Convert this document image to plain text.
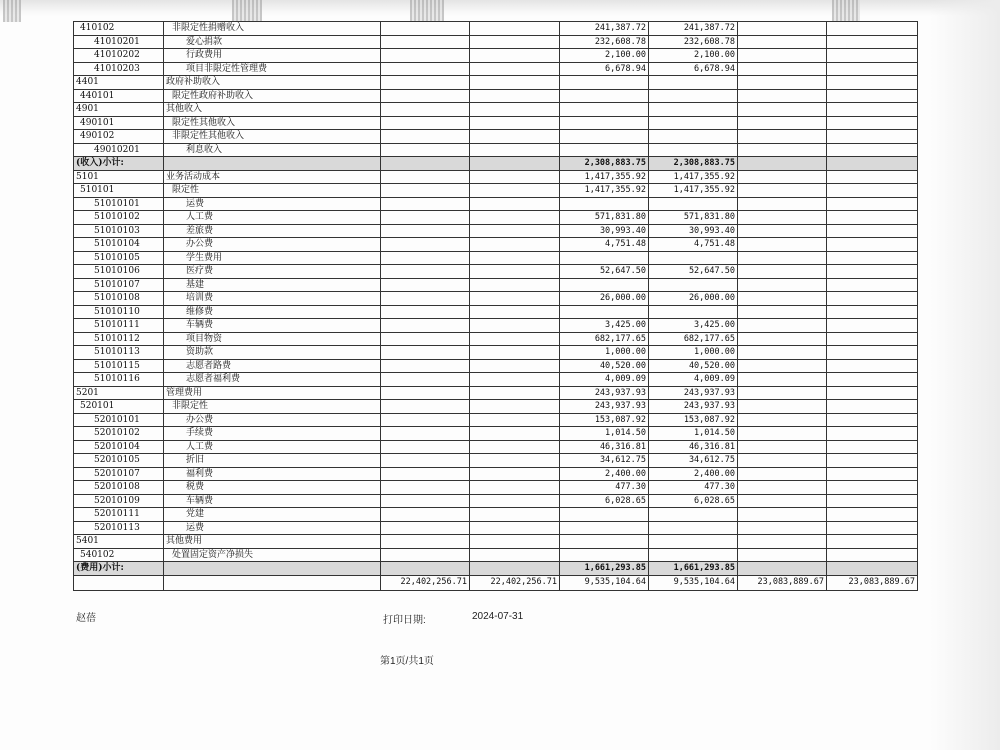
410102	非限定性捐赠收入			241,387.72	241,387.72		
41010201	爱心捐款			232,608.78	232,608.78		
41010202	行政费用			2,100.00	2,100.00		
41010203	项目非限定性管理费			6,678.94	6,678.94		
4401	政府补助收入						
440101	限定性政府补助收入						
4901	其他收入						
490101	限定性其他收入						
490102	非限定性其他收入						
49010201	利息收入						
(收入)小计:				2,308,883.75	2,308,883.75		
5101	业务活动成本			1,417,355.92	1,417,355.92		
510101	限定性			1,417,355.92	1,417,355.92		
51010101	运费						
51010102	人工费			571,831.80	571,831.80		
51010103	差旅费			30,993.40	30,993.40		
51010104	办公费			4,751.48	4,751.48		
51010105	学生费用						
51010106	医疗费			52,647.50	52,647.50		
51010107	基建						
51010108	培训费			26,000.00	26,000.00		
51010110	维修费						
51010111	车辆费			3,425.00	3,425.00		
51010112	项目物资			682,177.65	682,177.65		
51010113	资助款			1,000.00	1,000.00		
51010115	志愿者路费			40,520.00	40,520.00		
51010116	志愿者福利费			4,009.09	4,009.09		
5201	管理费用			243,937.93	243,937.93		
520101	非限定性			243,937.93	243,937.93		
52010101	办公费			153,087.92	153,087.92		
52010102	手续费			1,014.50	1,014.50		
52010104	人工费			46,316.81	46,316.81		
52010105	折旧			34,612.75	34,612.75		
52010107	福利费			2,400.00	2,400.00		
52010108	税费			477.30	477.30		
52010109	车辆费			6,028.65	6,028.65		
52010111	党建						
52010113	运费						
5401	其他费用						
540102	处置固定资产净损失						
(费用)小计:				1,661,293.85	1,661,293.85		
		22,402,256.71	22,402,256.71	9,535,104.64	9,535,104.64	23,083,889.67	23,083,889.67
赵蓓	打印日期:	2024-07-31
第1页/共1页
